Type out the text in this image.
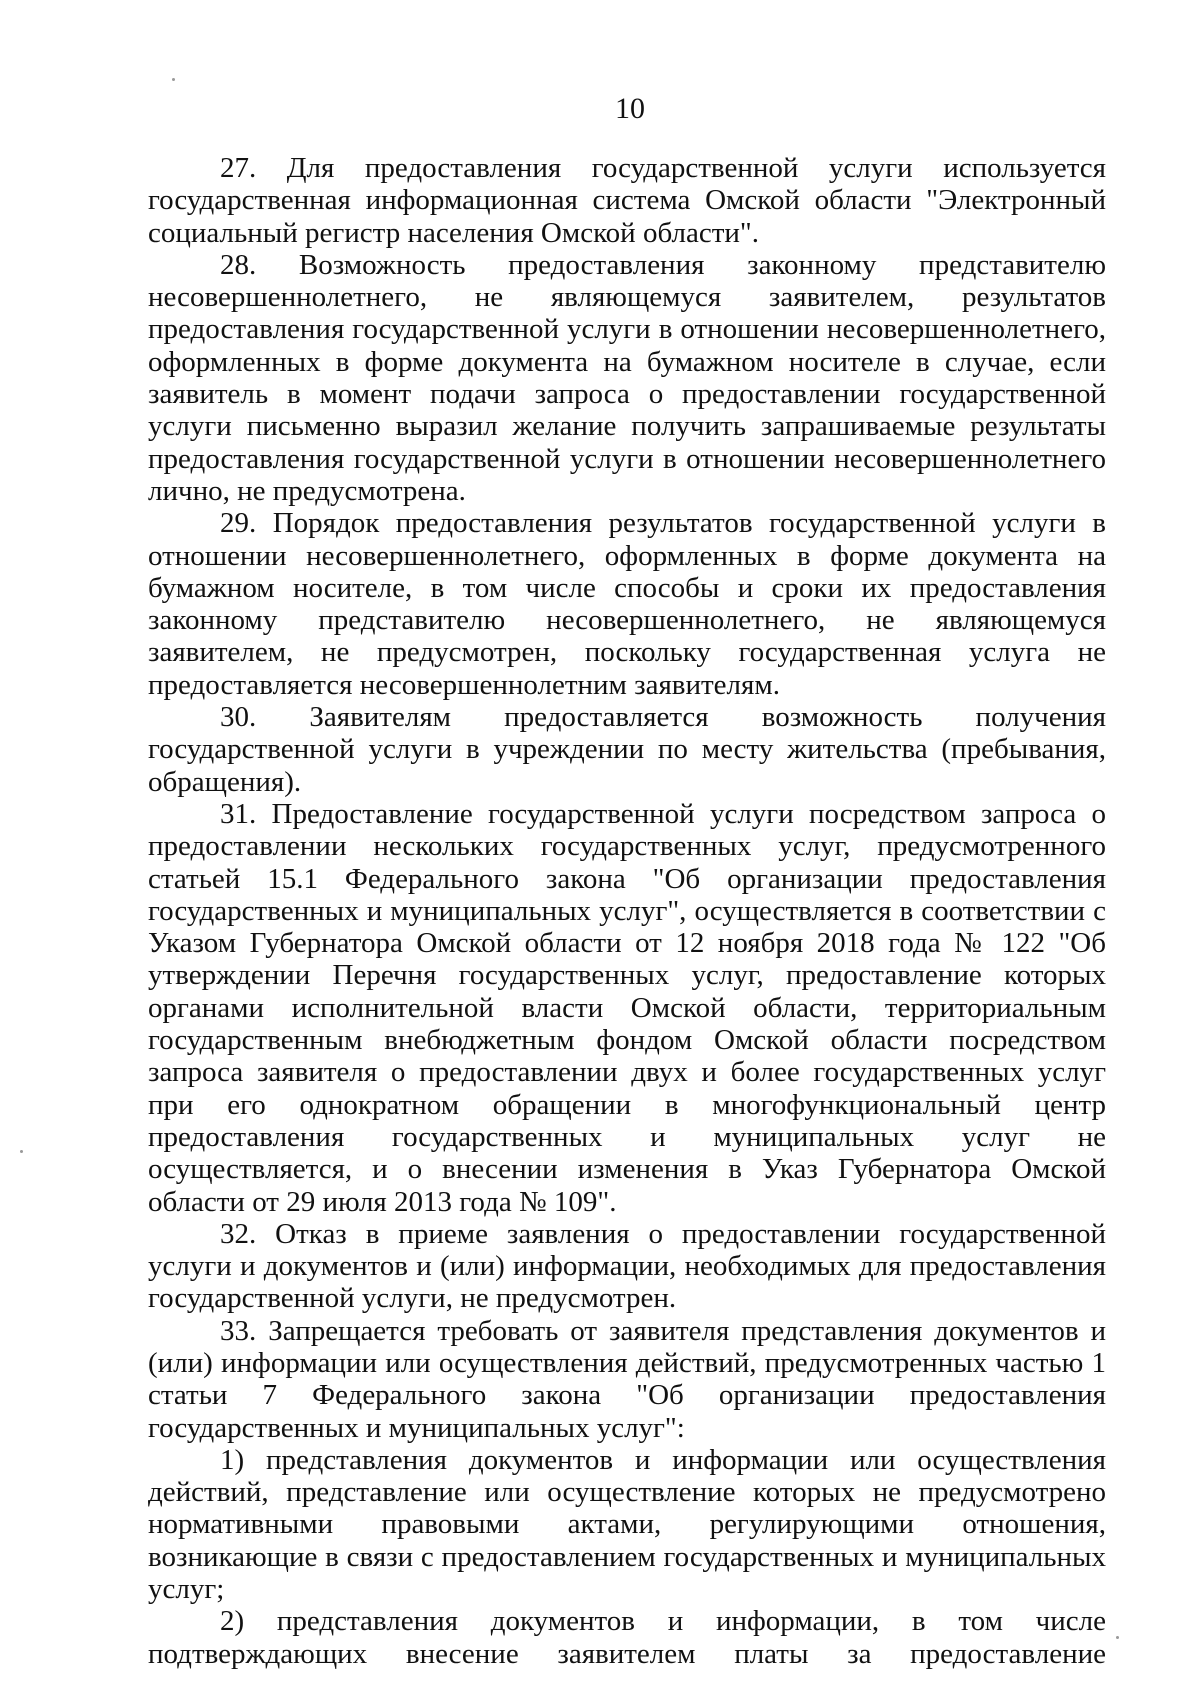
10

27. Для предоставления государственной услуги используется государственная информационная система Омской области "Электронный социальный регистр населения Омской области".

28. Возможность предоставления законному представителю несовершеннолетнего, не являющемуся заявителем, результатов предоставления государственной услуги в отношении несовершеннолетнего, оформленных в форме документа на бумажном носителе в случае, если заявитель в момент подачи запроса о предоставлении государственной услуги письменно выразил желание получить запрашиваемые результаты предоставления государственной услуги в отношении несовершеннолетнего лично, не предусмотрена.

29. Порядок предоставления результатов государственной услуги в отношении несовершеннолетнего, оформленных в форме документа на бумажном носителе, в том числе способы и сроки их предоставления законному представителю несовершеннолетнего, не являющемуся заявителем, не предусмотрен, поскольку государственная услуга не предоставляется несовершеннолетним заявителям.

30. Заявителям предоставляется возможность получения государственной услуги в учреждении по месту жительства (пребывания, обращения).

31. Предоставление государственной услуги посредством запроса о предоставлении нескольких государственных услуг, предусмотренного статьей 15.1 Федерального закона "Об организации предоставления государственных и муниципальных услуг", осуществляется в соответствии с Указом Губернатора Омской области от 12 ноября 2018 года № 122 "Об утверждении Перечня государственных услуг, предоставление которых органами исполнительной власти Омской области, территориальным государственным внебюджетным фондом Омской области посредством запроса заявителя о предоставлении двух и более государственных услуг при его однократном обращении в многофункциональный центр предоставления государственных и муниципальных услуг не осуществляется, и о внесении изменения в Указ Губернатора Омской области от 29 июля 2013 года № 109".

32. Отказ в приеме заявления о предоставлении государственной услуги и документов и (или) информации, необходимых для предоставления государственной услуги, не предусмотрен.

33. Запрещается требовать от заявителя представления документов и (или) информации или осуществления действий, предусмотренных частью 1 статьи 7 Федерального закона "Об организации предоставления государственных и муниципальных услуг":

1) представления документов и информации или осуществления действий, представление или осуществление которых не предусмотрено нормативными правовыми актами, регулирующими отношения, возникающие в связи с предоставлением государственных и муниципальных услуг;

2) представления документов и информации, в том числе подтверждающих внесение заявителем платы за предоставление
